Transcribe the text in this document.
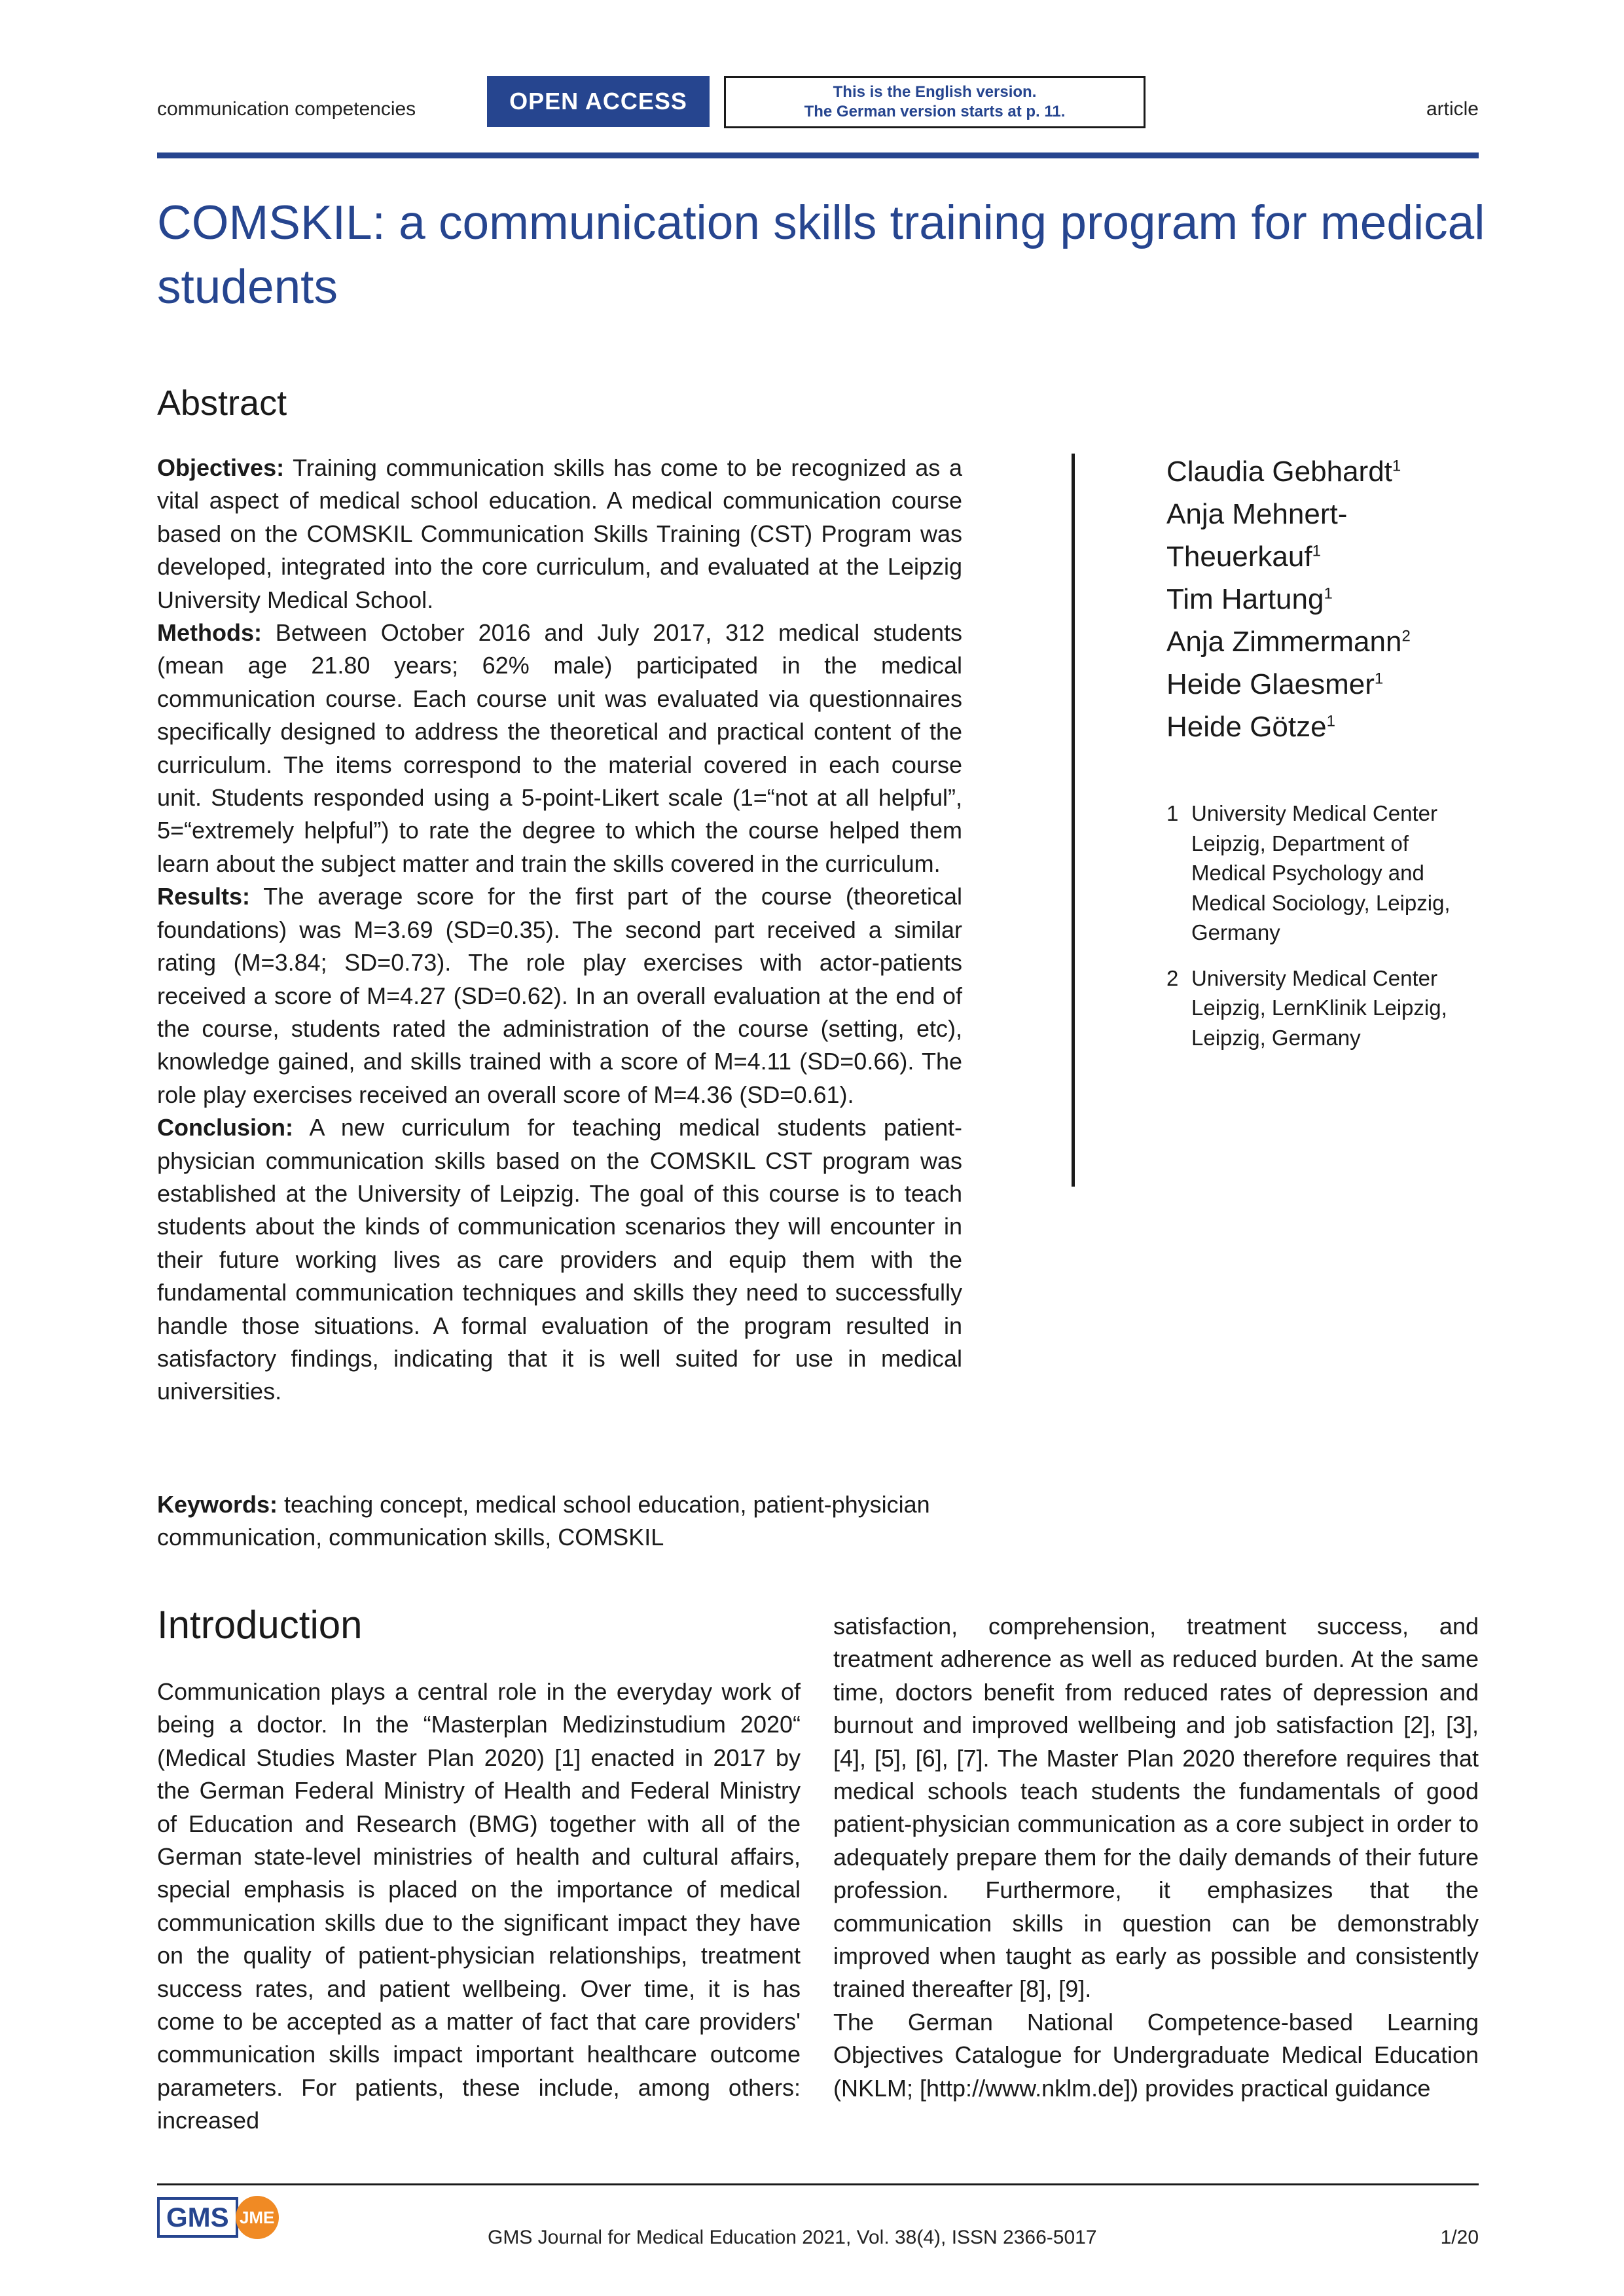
communication competencies	OPEN ACCESS	This is the English version.
The German version starts at p. 11.	article
COMSKIL: a communication skills training program for medical students
Abstract

Objectives: Training communication skills has come to be recognized as a vital aspect of medical school education. A medical communication course based on the COMSKIL Communication Skills Training (CST) Program was developed, integrated into the core curriculum, and evaluated at the Leipzig University Medical School.

Methods: Between October 2016 and July 2017, 312 medical students (mean age 21.80 years; 62% male) participated in the medical communication course. Each course unit was evaluated via questionnaires specifically designed to address the theoretical and practical content of the curriculum. The items correspond to the material covered in each course unit. Students responded using a 5-point-Likert scale (1=“not at all helpful”, 5=“extremely helpful”) to rate the degree to which the course helped them learn about the subject matter and train the skills covered in the curriculum.

Results: The average score for the first part of the course (theoretical foundations) was M=3.69 (SD=0.35). The second part received a similar rating (M=3.84; SD=0.73). The role play exercises with actor-patients received a score of M=4.27 (SD=0.62). In an overall evaluation at the end of the course, students rated the administration of the course (setting, etc), knowledge gained, and skills trained with a score of M=4.11 (SD=0.66). The role play exercises received an overall score of M=4.36 (SD=0.61).

Conclusion: A new curriculum for teaching medical students patient-physician communication skills based on the COMSKIL CST program was established at the University of Leipzig. The goal of this course is to teach students about the kinds of communication scenarios they will encounter in their future working lives as care providers and equip them with the fundamental communication techniques and skills they need to successfully handle those situations. A formal evaluation of the program resulted in satisfactory findings, indicating that it is well suited for use in medical universities.

Keywords: teaching concept, medical school education, patient-physician communication, communication skills, COMSKIL
Claudia Gebhardt$^1$
Anja Mehnert-Theuerkauf$^1$
Tim Hartung$^1$
Anja Zimmermann$^2$
Heide Glaesmer$^1$
Heide Götze$^1$
1 University Medical Center Leipzig, Department of Medical Psychology and Medical Sociology, Leipzig, Germany
2 University Medical Center Leipzig, LernKlinik Leipzig, Leipzig, Germany
Introduction

Communication plays a central role in the everyday work of being a doctor. In the “Masterplan Medizinstudium 2020“ (Medical Studies Master Plan 2020) [1] enacted in 2017 by the German Federal Ministry of Health and Federal Ministry of Education and Research (BMG) together with all of the German state-level ministries of health and cultural affairs, special emphasis is placed on the importance of medical communication skills due to the significant impact they have on the quality of patient-physician relationships, treatment success rates, and patient wellbeing. Over time, it is has come to be accepted as a matter of fact that care providers' communication skills impact important healthcare outcome parameters. For patients, these include, among others: increased

satisfaction, comprehension, treatment success, and treatment adherence as well as reduced burden. At the same time, doctors benefit from reduced rates of depression and burnout and improved wellbeing and job satisfaction [2], [3], [4], [5], [6], [7]. The Master Plan 2020 therefore requires that medical schools teach students the fundamentals of good patient-physician communication as a core subject in order to adequately prepare them for the daily demands of their future profession. Furthermore, it emphasizes that the communication skills in question can be demonstrably improved when taught as early as possible and consistently trained thereafter [8], [9].

The German National Competence-based Learning Objectives Catalogue for Undergraduate Medical Education (NKLM; [http://www.nklm.de]) provides practical guidance

GMS JME
GMS Journal for Medical Education 2021, Vol. 38(4), ISSN 2366-5017	1/20
